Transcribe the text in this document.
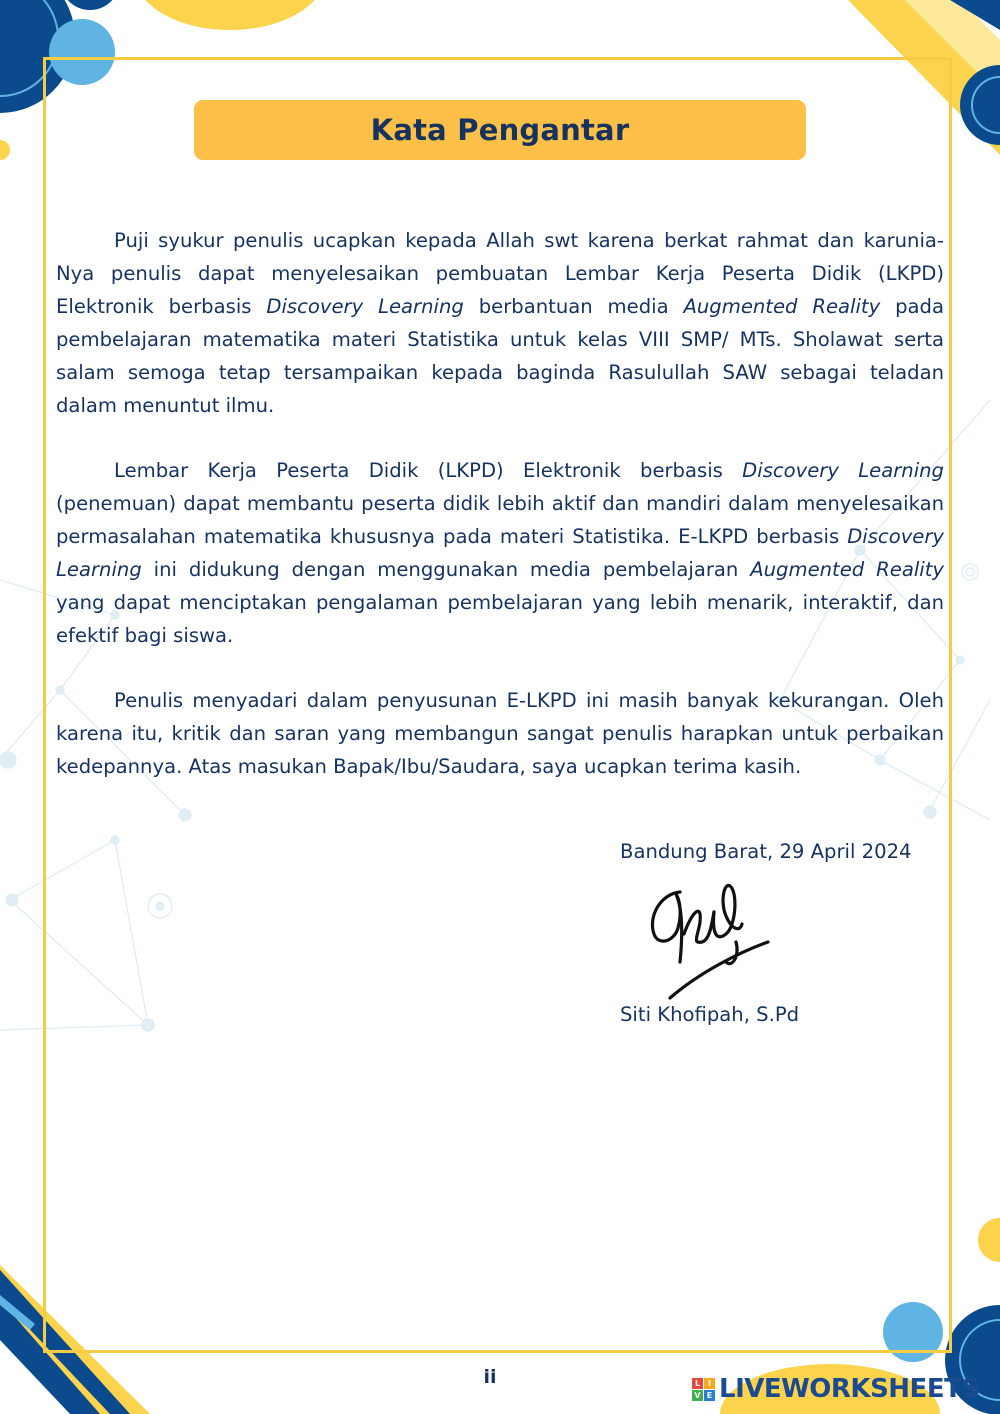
Kata Pengantar

Puji syukur penulis ucapkan kepada Allah swt karena berkat rahmat dan karunia-Nya penulis dapat menyelesaikan pembuatan Lembar Kerja Peserta Didik (LKPD) Elektronik berbasis Discovery Learning berbantuan media Augmented Reality pada pembelajaran matematika materi Statistika untuk kelas VIII SMP/ MTs. Sholawat serta salam semoga tetap tersampaikan kepada baginda Rasulullah SAW sebagai teladan dalam menuntut ilmu.

Lembar Kerja Peserta Didik (LKPD) Elektronik berbasis Discovery Learning (penemuan) dapat membantu peserta didik lebih aktif dan mandiri dalam menyelesaikan permasalahan matematika khususnya pada materi Statistika. E-LKPD berbasis Discovery Learning ini didukung dengan menggunakan media pembelajaran Augmented Reality yang dapat menciptakan pengalaman pembelajaran yang lebih menarik, interaktif, dan efektif bagi siswa.

Penulis menyadari dalam penyusunan E-LKPD ini masih banyak kekurangan. Oleh karena itu, kritik dan saran yang membangun sangat penulis harapkan untuk perbaikan kedepannya. Atas masukan Bapak/Ibu/Saudara, saya ucapkan terima kasih.

Bandung Barat, 29 April 2024
Siti Khofipah, S.Pd
ii	L I
V E LIVEWORKSHEETS
